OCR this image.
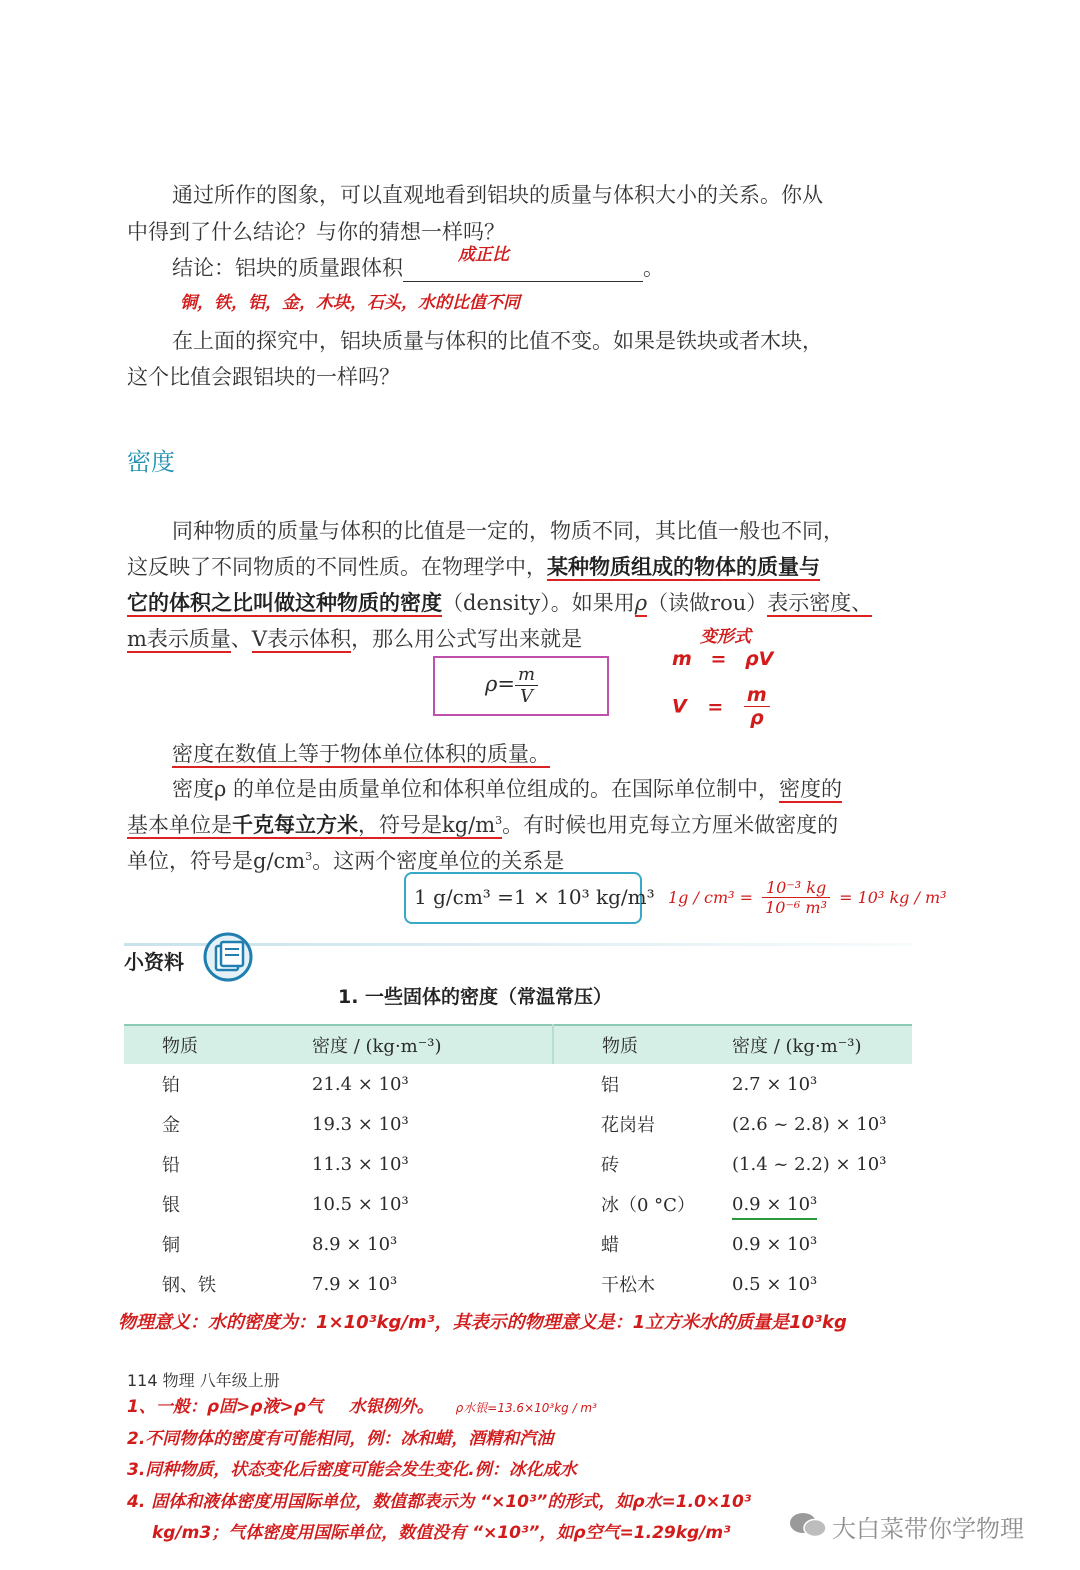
通过所作的图象，可以直观地看到铝块的质量与体积大小的关系。你从
中得到了什么结论？与你的猜想一样吗？
结论：铝块的质量跟体积	。
成正比
铜，铁，铝，金，木块，石头，水的比值不同
在上面的探究中，铝块质量与体积的比值不变。如果是铁块或者木块，
这个比值会跟铝块的一样吗？
密度
同种物质的质量与体积的比值是一定的，物质不同，其比值一般也不同，
这反映了不同物质的不同性质。在物理学中，某种物质组成的物体的质量与
它的体积之比叫做这种物质的密度（density）。如果用ρ（读做rou）表示密度、
m表示质量、V表示体积，那么用公式写出来就是
$\rho= \frac{m}{V}$
变形式
m = ρV
$V = \frac{m}{\rho}$
密度在数值上等于物体单位体积的质量。
密度ρ 的单位是由质量单位和体积单位组成的。在国际单位制中，密度的
基本单位是千克每立方米，符号是$kg/m^3$。有时候也用克每立方厘米做密度的
单位，符号是$g/cm^3$。这两个密度单位的关系是
1 g/cm³ =1 × 10³ kg/m³ $1g / cm^3 = \frac{\text{10⁻³ kg}}{\text{10⁻⁶ m³}} = 10^3$ kg / m³
小资料
1. 一些固体的密度（常温常压）
物质	密度 / (kg·m⁻³)	物质	密度 / (kg·m⁻³)
铂	21.4 × 10³	铝	2.7 × 10³
金	19.3 × 10³	花岗岩	(2.6 ~ 2.8) × 10³
铅	11.3 × 10³	砖	(1.4 ~ 2.2) × 10³
银	10.5 × 10³	冰（0 °C）	0.9 × 10³
铜	8.9 × 10³	蜡	0.9 × 10³
钢、铁	7.9 × 10³	干松木	0.5 × 10³
物理意义：水的密度为：1×10³kg/m³，其表示的物理意义是：1立方米水的质量是10³kg
114 物理 八年级上册
1、一般：ρ固>ρ液>ρ气 水银例外。 ρ水银=13.6×10³kg / m³
2.不同物体的密度有可能相同，例：冰和蜡，酒精和汽油
3.同种物质，状态变化后密度可能会发生变化.例：冰化成水
4. 固体和液体密度用国际单位，数值都表示为 “×10³”的形式，如ρ水=1.0×10³
kg/m3；气体密度用国际单位，数值没有 “×10³”，如ρ空气=1.29kg/m³	大白菜带你学物理
